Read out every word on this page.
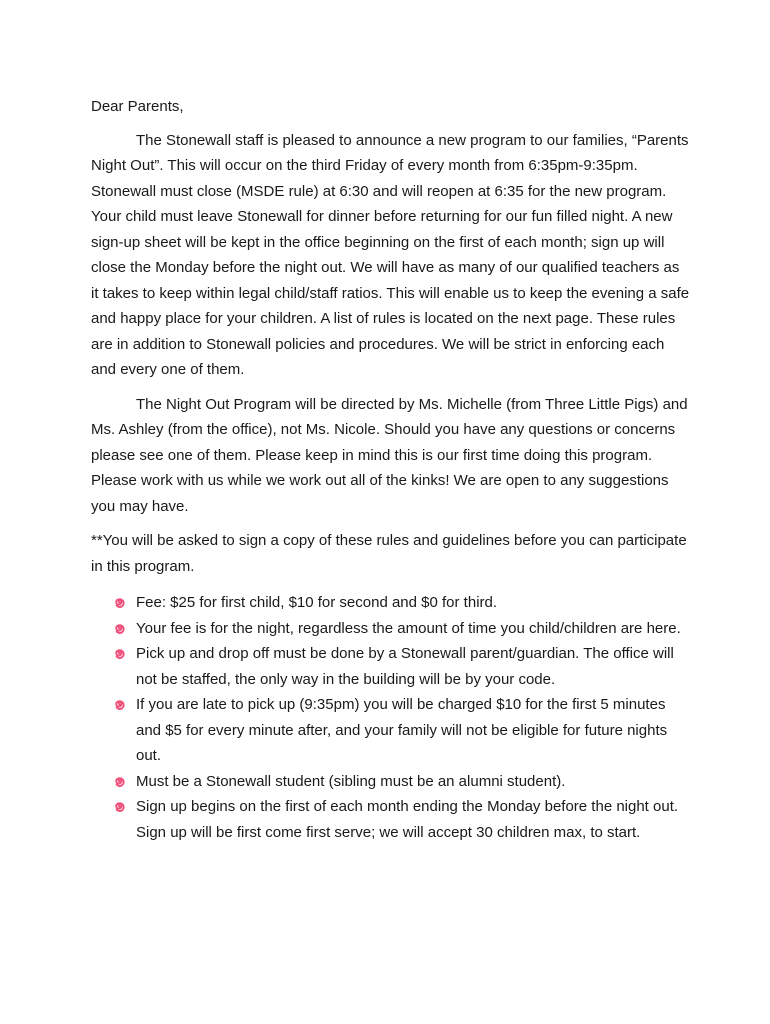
Dear Parents,

The Stonewall staff is pleased to announce a new program to our families, “Parents Night Out”. This will occur on the third Friday of every month from 6:35pm-9:35pm. Stonewall must close (MSDE rule) at 6:30 and will reopen at 6:35 for the new program. Your child must leave Stonewall for dinner before returning for our fun filled night. A new sign-up sheet will be kept in the office beginning on the first of each month; sign up will close the Monday before the night out. We will have as many of our qualified teachers as it takes to keep within legal child/staff ratios. This will enable us to keep the evening a safe and happy place for your children. A list of rules is located on the next page. These rules are in addition to Stonewall policies and procedures. We will be strict in enforcing each and every one of them.

The Night Out Program will be directed by Ms. Michelle (from Three Little Pigs) and Ms. Ashley (from the office), not Ms. Nicole. Should you have any questions or concerns please see one of them. Please keep in mind this is our first time doing this program. Please work with us while we work out all of the kinks! We are open to any suggestions you may have.

**You will be asked to sign a copy of these rules and guidelines before you can participate in this program.

Fee: $25 for first child, $10 for second and $0 for third.
Your fee is for the night, regardless the amount of time you child/children are here.
Pick up and drop off must be done by a Stonewall parent/guardian. The office will not be staffed, the only way in the building will be by your code.
If you are late to pick up (9:35pm) you will be charged $10 for the first 5 minutes and $5 for every minute after, and your family will not be eligible for future nights out.
Must be a Stonewall student (sibling must be an alumni student).
Sign up begins on the first of each month ending the Monday before the night out. Sign up will be first come first serve; we will accept 30 children max, to start.
